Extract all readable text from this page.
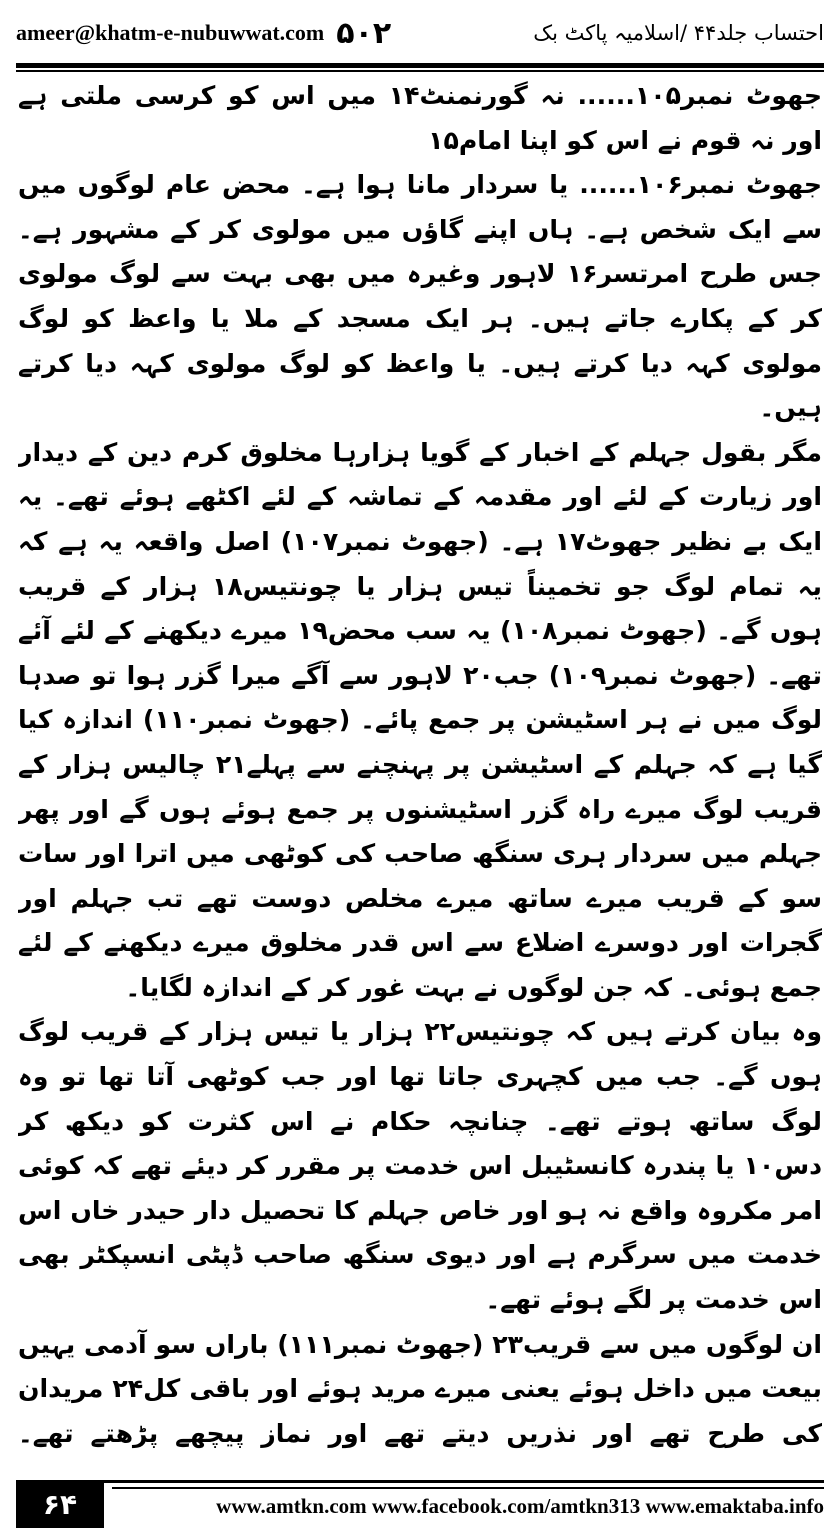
ameer@khatm-e-nubuwwat.com ۵۰۲	احتساب جلد۴۴ /اسلامیہ پاکٹ بک

جھوٹ نمبر۱۰۵...... نہ گورنمنٹ۱۴ میں اس کو کرسی ملتی ہے اور نہ قوم نے اس کو اپنا امام۱۵

جھوٹ نمبر۱۰۶...... یا سردار مانا ہوا ہے۔ محض عام لوگوں میں سے ایک شخص ہے۔ ہاں اپنے گاؤں میں مولوی کر کے مشہور ہے۔ جس طرح امرتسر۱۶ لاہور وغیرہ میں بھی بہت سے لوگ مولوی کر کے پکارے جاتے ہیں۔ ہر ایک مسجد کے ملا یا واعظ کو لوگ مولوی کہہ دیا کرتے ہیں۔ یا واعظ کو لوگ مولوی کہہ دیا کرتے ہیں۔

مگر بقول جہلم کے اخبار کے گویا ہزارہا مخلوق کرم دین کے دیدار اور زیارت کے لئے اور مقدمہ کے تماشہ کے لئے اکٹھے ہوئے تھے۔ یہ ایک بے نظیر جھوٹ۱۷ ہے۔ (جھوٹ نمبر۱۰۷) اصل واقعہ یہ ہے کہ یہ تمام لوگ جو تخمیناً تیس ہزار یا چونتیس۱۸ ہزار کے قریب ہوں گے۔ (جھوٹ نمبر۱۰۸) یہ سب محض۱۹ میرے دیکھنے کے لئے آئے تھے۔ (جھوٹ نمبر۱۰۹) جب۲۰ لاہور سے آگے میرا گزر ہوا تو صدہا لوگ میں نے ہر اسٹیشن پر جمع پائے۔ (جھوٹ نمبر۱۱۰) اندازہ کیا گیا ہے کہ جہلم کے اسٹیشن پر پہنچنے سے پہلے۲۱ چالیس ہزار کے قریب لوگ میرے راہ گزر اسٹیشنوں پر جمع ہوئے ہوں گے اور پھر جہلم میں سردار ہری سنگھ صاحب کی کوٹھی میں اترا اور سات سو کے قریب میرے ساتھ میرے مخلص دوست تھے تب جہلم اور گجرات اور دوسرے اضلاع سے اس قدر مخلوق میرے دیکھنے کے لئے جمع ہوئی۔ کہ جن لوگوں نے بہت غور کر کے اندازہ لگایا۔

وہ بیان کرتے ہیں کہ چونتیس۲۲ ہزار یا تیس ہزار کے قریب لوگ ہوں گے۔ جب میں کچہری جاتا تھا اور جب کوٹھی آتا تھا تو وہ لوگ ساتھ ہوتے تھے۔ چنانچہ حکام نے اس کثرت کو دیکھ کر دس۱۰ یا پندرہ کانسٹیبل اس خدمت پر مقرر کر دیئے تھے کہ کوئی امر مکروہ واقع نہ ہو اور خاص جہلم کا تحصیل دار حیدر خاں اس خدمت میں سرگرم ہے اور دیوی سنگھ صاحب ڈپٹی انسپکٹر بھی اس خدمت پر لگے ہوئے تھے۔

ان لوگوں میں سے قریب۲۳ (جھوٹ نمبر۱۱۱) باراں سو آدمی یہیں بیعت میں داخل ہوئے یعنی میرے مرید ہوئے اور باقی کل۲۴ مریدان کی طرح تھے اور نذریں دیتے تھے اور نماز پیچھے پڑھتے تھے۔

۶۴	www.amtkn.com www.facebook.com/amtkn313 www.emaktaba.info
